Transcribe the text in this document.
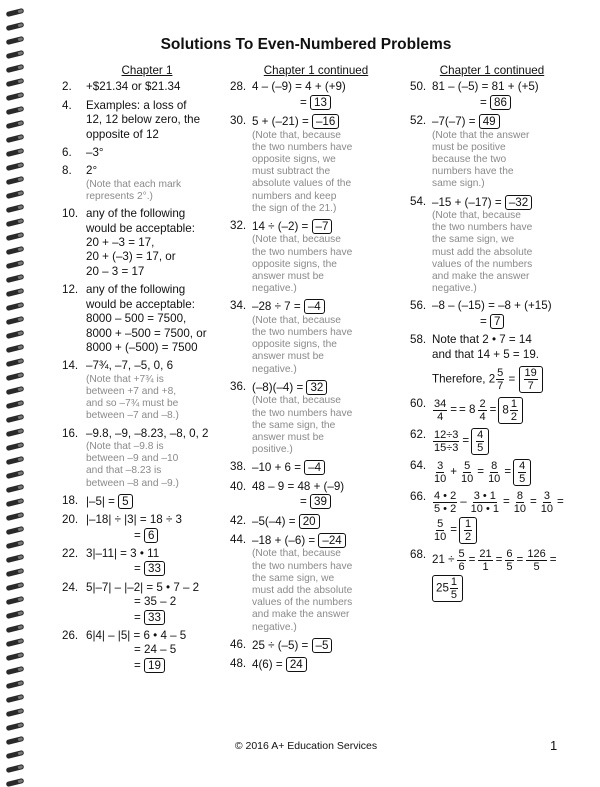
Solutions To Even-Numbered Problems
Chapter 1
2.	+$21.34 or $21.34
4.	Examples: a loss of
12, 12 below zero, the
opposite of 12
6.	–3°
8.	2°
(Note that each mark
represents 2°.)
10. any of the following
would be acceptable:
20 + –3 = 17,
20 + (–3) = 17, or
20 – 3 = 17
12. any of the following
would be acceptable:
8000 – 500 = 7500,
8000 + –500 = 7500, or
8000 + (–500) = 7500
14. –7¾, –7, –5, 0, 6
(Note that +7¾ is
between +7 and +8,
and so –7¾ must be
between –7 and –8.)
16. –9.8, –9, –8.23, –8, 0, 2
(Note that –9.8 is
between –9 and –10
and that –8.23 is
between –8 and –9.)
18. |–5| = 5
20. |–18| ÷ |3| = 18 ÷ 3
= 6
22. 3|–11| = 3 • 11
= 33
24. 5|–7| – |–2| = 5 • 7 – 2
= 35 – 2
= 33
26. 6|4| – |5| = 6 • 4 – 5
= 24 – 5
= 19
Chapter 1 continued
28. 4 – (–9) = 4 + (+9)
= 13
30. 5 + (–21) = –16
(Note that, because
the two numbers have
opposite signs, we
must subtract the
absolute values of the
numbers and keep
the sign of the 21.)
32. 14 ÷ (–2) = –7
(Note that, because
the two numbers have
opposite signs, the
answer must be
negative.)
34. –28 ÷ 7 = –4
(Note that, because
the two numbers have
opposite signs, the
answer must be
negative.)
36. (–8)(–4) = 32
(Note that, because
the two numbers have
the same sign, the
answer must be
positive.)
38. –10 + 6 = –4
40. 48 – 9 = 48 + (–9)
= 39
42. –5(–4) = 20
44. –18 + (–6) = –24
(Note that, because
the two numbers have
the same sign, we
must add the absolute
values of the numbers
and make the answer
negative.)
46. 25 ÷ (–5) = –5
48. 4(6) = 24
Chapter 1 continued
50. 81 – (–5) = 81 + (+5)
= 86
52. –7(–7) = 49
(Note that the answer
must be positive
because the two
numbers have the
same sign.)
54. –15 + (–17) = –32
(Note that, because
the two numbers have
the same sign, we
must add the absolute
values of the numbers
and make the answer
negative.)
56. –8 – (–15) = –8 + (+15)
= 7
58. Note that 2 • 7 = 14
and that 14 + 5 = 19.
Therefore, $2 \frac{5}{7} = \frac{19}{7}$
60. $\frac{34}{4}$ = = $8 \frac{2}{4} = 8 \frac{1}{2}$
62. $\frac{12\div 3}{15\div 3} = \frac{4}{5}$
64. $\frac{3}{10} + \frac{5}{10} = \frac{8}{10} = \frac{4}{5}$
66. $\frac{4 • 2}{5 • 2} - \frac{3 • 1}{10 • 1} = \frac{8}{10} = \frac{3}{10}$ =
$\frac{5}{10} = \frac{1}{2}$
68. $21 \div \frac{5}{6} = \frac{21}{1} = \frac{6}{5} = \frac{126}{5}$ =
$25 \frac{1}{5}$
© 2016 A+ Education Services	1
